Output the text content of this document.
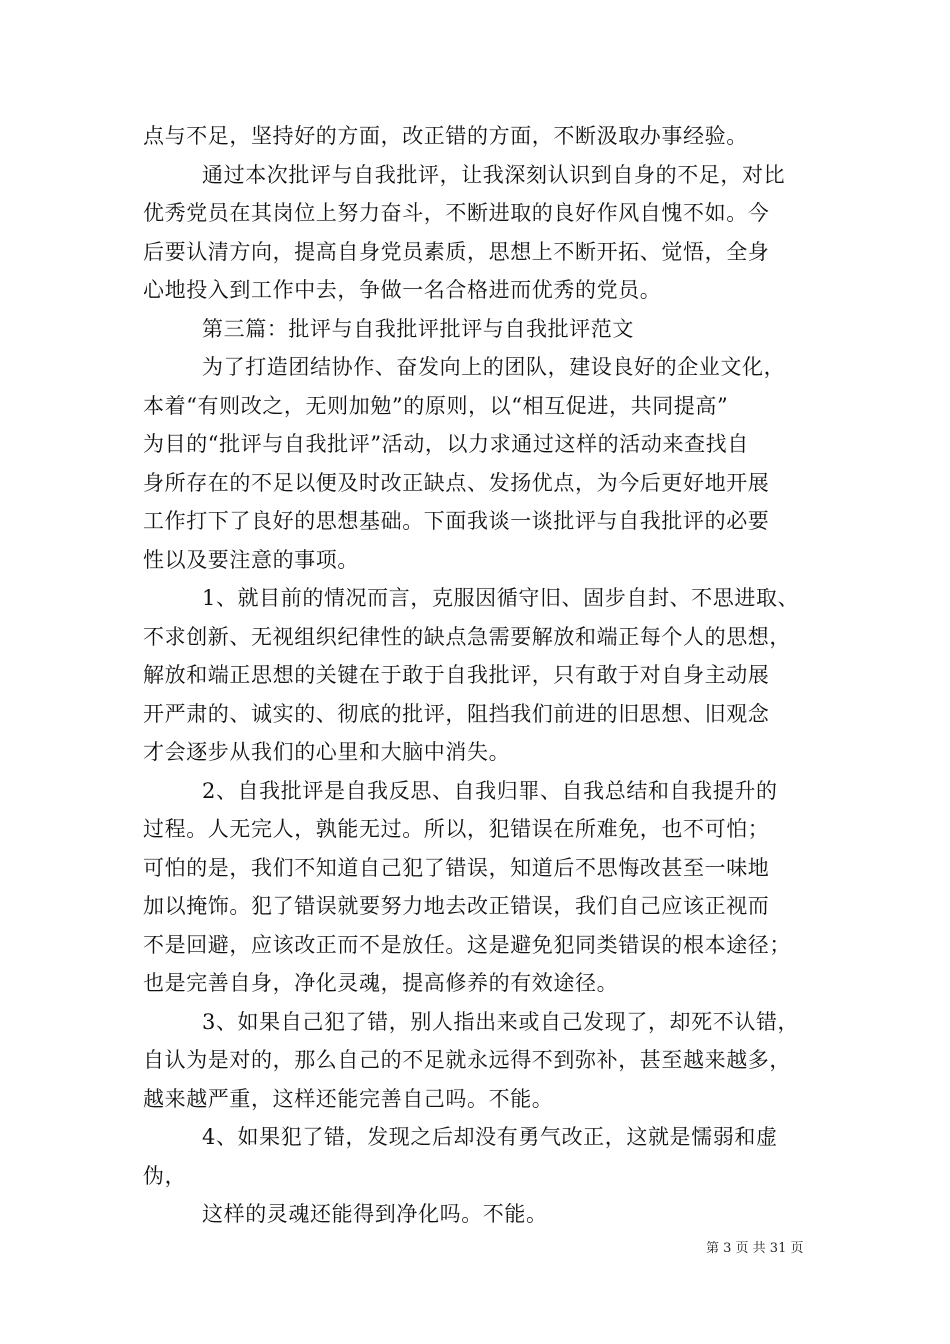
点与不足，坚持好的方面，改正错的方面，不断汲取办事经验。
通过本次批评与自我批评，让我深刻认识到自身的不足，对比
优秀党员在其岗位上努力奋斗，不断进取的良好作风自愧不如。今
后要认清方向，提高自身党员素质，思想上不断开拓、觉悟，全身
心地投入到工作中去，争做一名合格进而优秀的党员。
第三篇：批评与自我批评批评与自我批评范文
为了打造团结协作、奋发向上的团队，建设良好的企业文化，
本着“有则改之，无则加勉”的原则，以“相互促进，共同提高”
为目的“批评与自我批评”活动，以力求通过这样的活动来查找自
身所存在的不足以便及时改正缺点、发扬优点，为今后更好地开展
工作打下了良好的思想基础。下面我谈一谈批评与自我批评的必要
性以及要注意的事项。
1、就目前的情况而言，克服因循守旧、固步自封、不思进取、
不求创新、无视组织纪律性的缺点急需要解放和端正每个人的思想，
解放和端正思想的关键在于敢于自我批评，只有敢于对自身主动展
开严肃的、诚实的、彻底的批评，阻挡我们前进的旧思想、旧观念
才会逐步从我们的心里和大脑中消失。
2、自我批评是自我反思、自我归罪、自我总结和自我提升的
过程。人无完人，孰能无过。所以，犯错误在所难免，也不可怕；
可怕的是，我们不知道自己犯了错误，知道后不思悔改甚至一味地
加以掩饰。犯了错误就要努力地去改正错误，我们自己应该正视而
不是回避，应该改正而不是放任。这是避免犯同类错误的根本途径；
也是完善自身，净化灵魂，提高修养的有效途径。
3、如果自己犯了错，别人指出来或自己发现了，却死不认错，
自认为是对的，那么自己的不足就永远得不到弥补，甚至越来越多，
越来越严重，这样还能完善自己吗。不能。
4、如果犯了错，发现之后却没有勇气改正，这就是懦弱和虚
伪，
这样的灵魂还能得到净化吗。不能。
第 3 页 共 31 页
